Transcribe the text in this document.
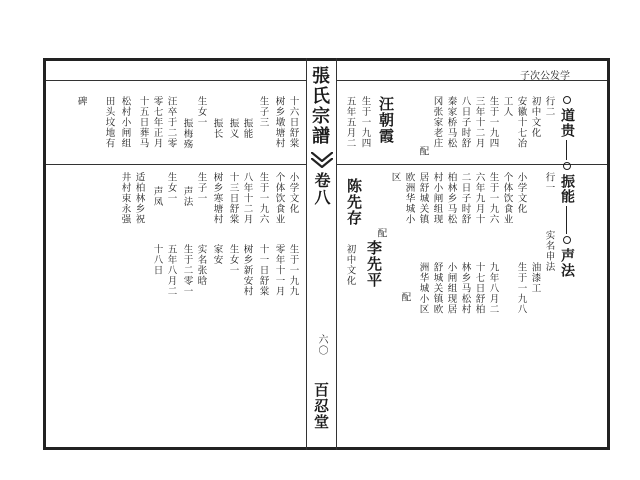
張氏宗譜
卷八
六〇
百忍堂
子次公发学
道贵
振能
声法
行二
初中文化
安徽十七冶
工人
生于一九四
三年十二月
八日子时舒
秦家桥马松
冈张家老庄
配
汪朝霞
生于一九四
五年五月二
行一
个体饮食业
生于一九六
六年九月十
二日子时舒
柏林乡马松
村小闸组现
居舒城关镇
欧洲华城小
区
配
陈先存	小学文化
油漆工
生于一九八
九年八月二
十七日舒柏
林乡马松村
小闸组现居
舒城关镇欧
洲华城小区
配
李先平
初中文化	实名申法
十六日舒棠
树乡墩塘村
生子三
振能
振义
振长
振梅殇
生女一
汪卒于二零
零七年正月
十五日葬马
松村小闸组
田头坟地有
碑
小学文化
生于一九九
个体饮食业
零年十一月
生于一九六
十一日舒棠
八年十二月
树乡新安村
十三日舒棠
生女一
树乡寒塘村
家安
生子一
实名张晗
声法
生于二零一
生女一
五年八月二
声凤
十八日
适柏林乡祝
井村束永强
